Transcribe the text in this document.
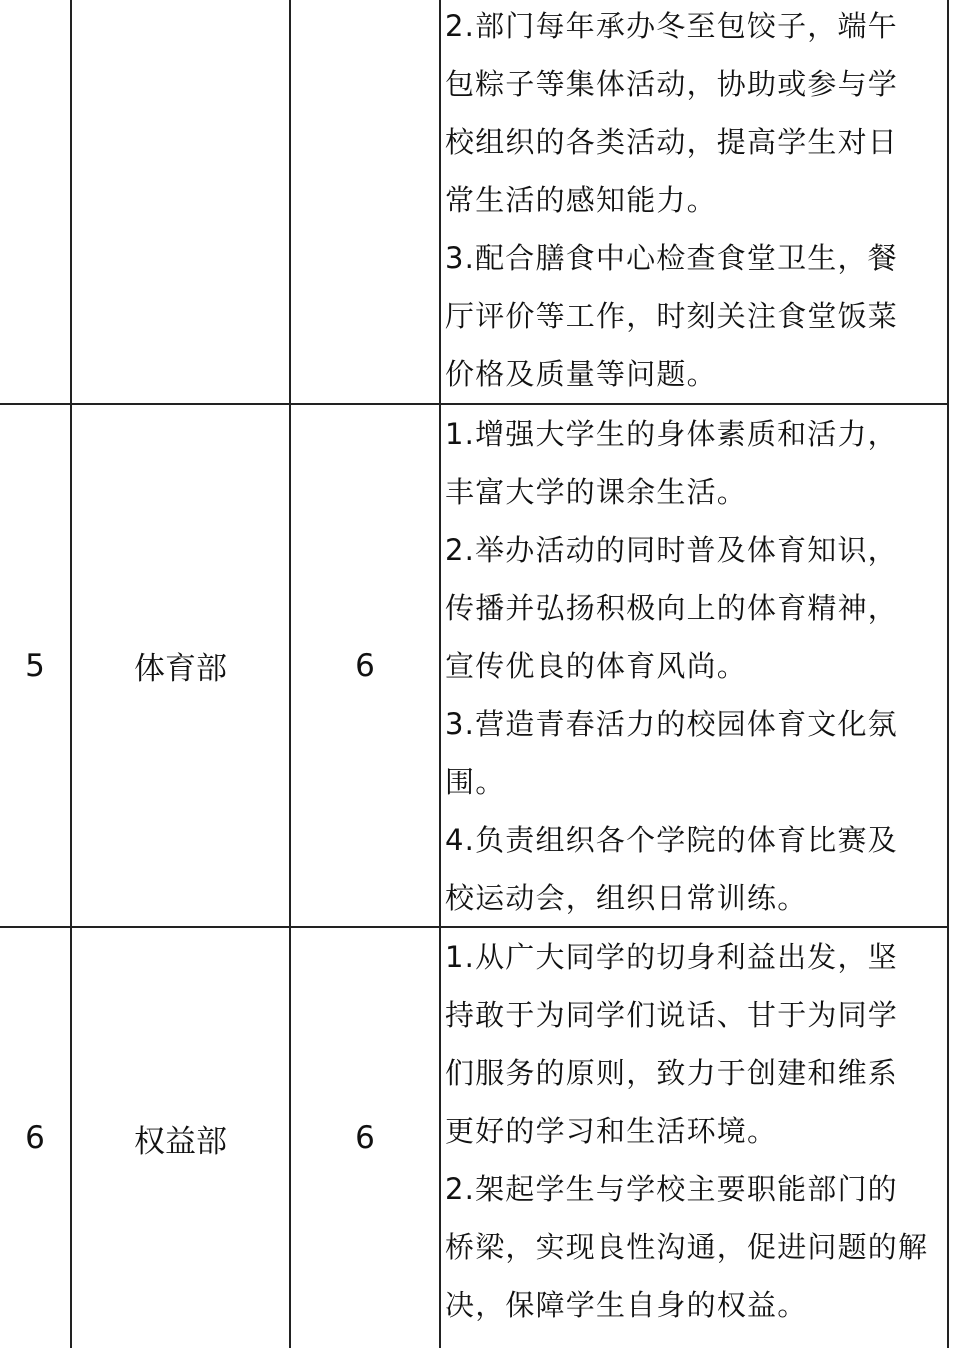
2.部门每年承办冬至包饺子，端午
包粽子等集体活动，协助或参与学
校组织的各类活动，提高学生对日
常生活的感知能力。
3.配合膳食中心检查食堂卫生，餐
厅评价等工作，时刻关注食堂饭菜
价格及质量等问题。
5	体育部	6
1.增强大学生的身体素质和活力，
丰富大学的课余生活。
2.举办活动的同时普及体育知识，
传播并弘扬积极向上的体育精神，
宣传优良的体育风尚。
3.营造青春活力的校园体育文化氛
围。
4.负责组织各个学院的体育比赛及
校运动会，组织日常训练。
6	权益部	6
1.从广大同学的切身利益出发，坚
持敢于为同学们说话、甘于为同学
们服务的原则，致力于创建和维系
更好的学习和生活环境。
2.架起学生与学校主要职能部门的
桥梁，实现良性沟通，促进问题的解
决，保障学生自身的权益。
